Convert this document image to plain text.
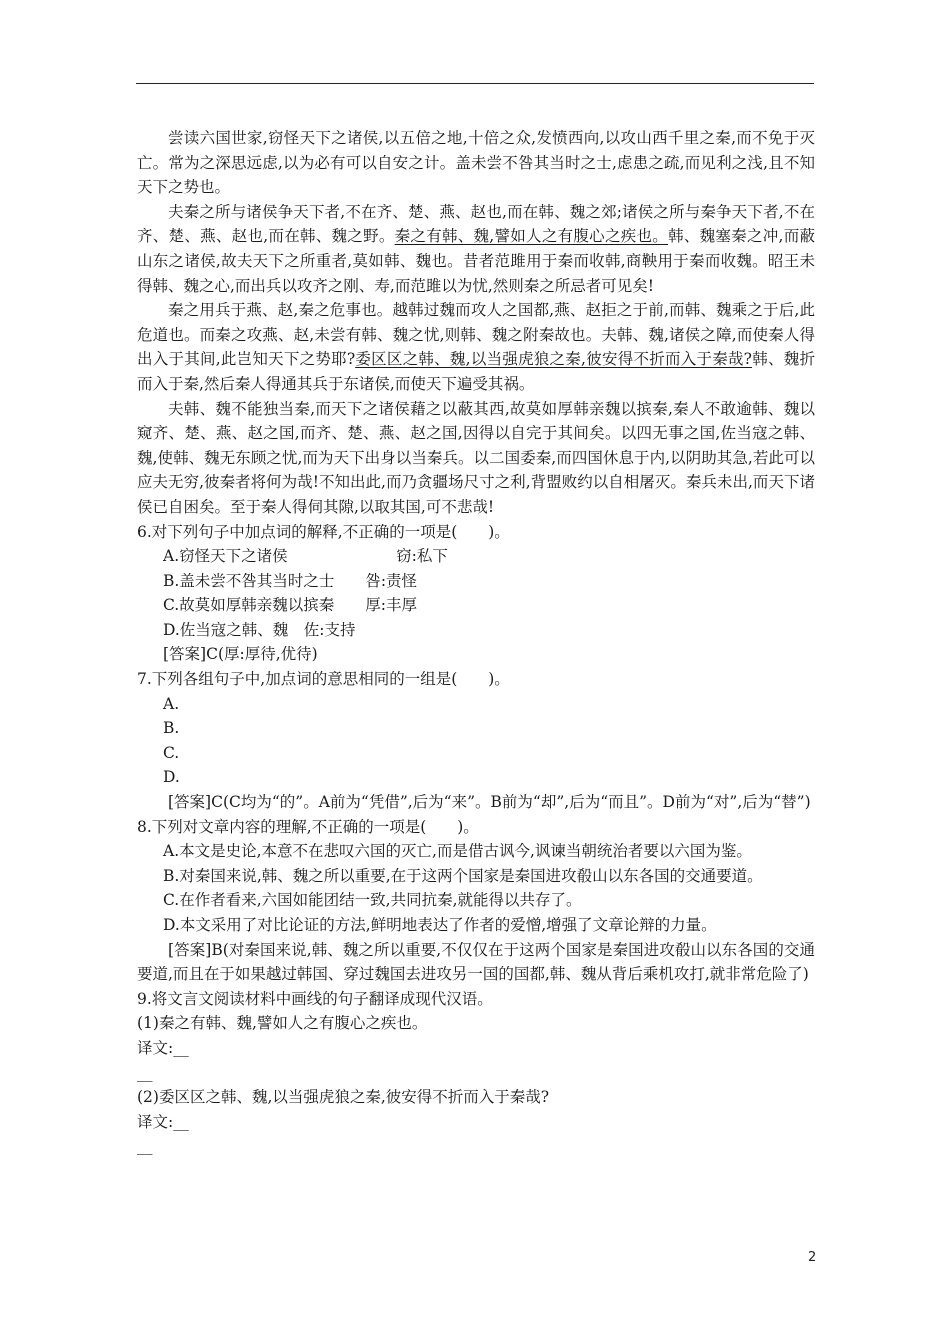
尝读六国世家,窃怪天下之诸侯,以五倍之地,十倍之众,发愤西向,以攻山西千里之秦,而不免于灭亡。常为之深思远虑,以为必有可以自安之计。盖未尝不咎其当时之士,虑患之疏,而见利之浅,且不知天下之势也。

夫秦之所与诸侯争天下者,不在齐、楚、燕、赵也,而在韩、魏之郊;诸侯之所与秦争天下者,不在齐、楚、燕、赵也,而在韩、魏之野。秦之有韩、魏,譬如人之有腹心之疾也。韩、魏塞秦之冲,而蔽山东之诸侯,故夫天下之所重者,莫如韩、魏也。昔者范雎用于秦而收韩,商鞅用于秦而收魏。昭王未得韩、魏之心,而出兵以攻齐之刚、寿,而范雎以为忧,然则秦之所忌者可见矣!

秦之用兵于燕、赵,秦之危事也。越韩过魏而攻人之国都,燕、赵拒之于前,而韩、魏乘之于后,此危道也。而秦之攻燕、赵,未尝有韩、魏之忧,则韩、魏之附秦故也。夫韩、魏,诸侯之障,而使秦人得出入于其间,此岂知天下之势耶?委区区之韩、魏,以当强虎狼之秦,彼安得不折而入于秦哉?韩、魏折而入于秦,然后秦人得通其兵于东诸侯,而使天下遍受其祸。

夫韩、魏不能独当秦,而天下之诸侯藉之以蔽其西,故莫如厚韩亲魏以摈秦,秦人不敢逾韩、魏以窥齐、楚、燕、赵之国,而齐、楚、燕、赵之国,因得以自完于其间矣。以四无事之国,佐当寇之韩、魏,使韩、魏无东顾之忧,而为天下出身以当秦兵。以二国委秦,而四国休息于内,以阴助其急,若此可以应夫无穷,彼秦者将何为哉!不知出此,而乃贪疆场尺寸之利,背盟败约以自相屠灭。秦兵未出,而天下诸侯已自困矣。至于秦人得伺其隙,以取其国,可不悲哉!

6.对下列句子中加点词的解释,不正确的一项是(　　)。

A.窃怪天下之诸侯　　　　　　　窃:私下

B.盖未尝不咎其当时之士　　咎:责怪

C.故莫如厚韩亲魏以摈秦　　厚:丰厚

D.佐当寇之韩、魏　佐:支持

[答案]C(厚:厚待,优待)

7.下列各组句子中,加点词的意思相同的一组是(　　)。

A.

B.

C.

D.

[答案]C(C均为“的”。A前为“凭借”,后为“来”。B前为“却”,后为“而且”。D前为“对”,后为“替”)

8.下列对文章内容的理解,不正确的一项是(　　)。

A.本文是史论,本意不在悲叹六国的灭亡,而是借古讽今,讽谏当朝统治者要以六国为鉴。

B.对秦国来说,韩、魏之所以重要,在于这两个国家是秦国进攻殽山以东各国的交通要道。

C.在作者看来,六国如能团结一致,共同抗秦,就能得以共存了。

D.本文采用了对比论证的方法,鲜明地表达了作者的爱憎,增强了文章论辩的力量。

[答案]B(对秦国来说,韩、魏之所以重要,不仅仅在于这两个国家是秦国进攻殽山以东各国的交通要道,而且在于如果越过韩国、穿过魏国去进攻另一国的国都,韩、魏从背后乘机攻打,就非常危险了)

9.将文言文阅读材料中画线的句子翻译成现代汉语。

(1)秦之有韩、魏,譬如人之有腹心之疾也。

译文:__

__

(2)委区区之韩、魏,以当强虎狼之秦,彼安得不折而入于秦哉?

译文:__

__

2
